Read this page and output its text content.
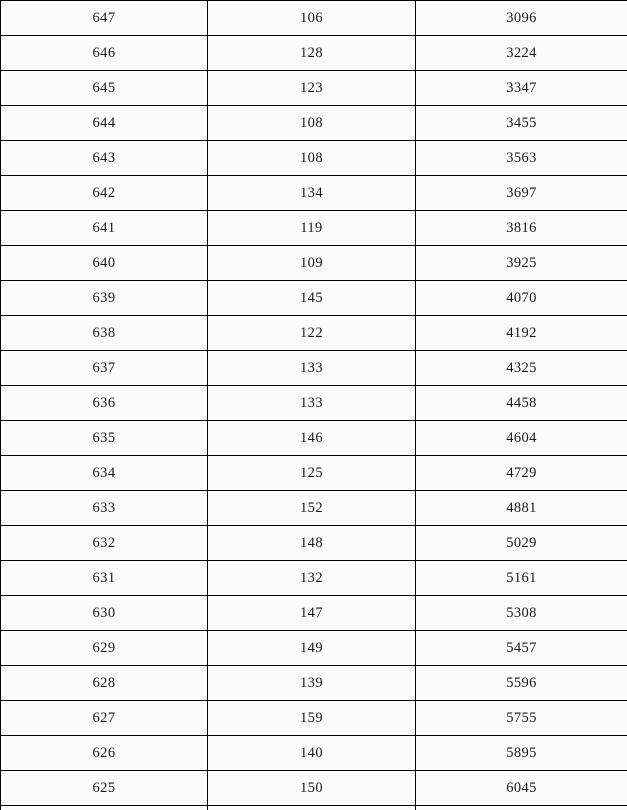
647	106	3096
646	128	3224
645	123	3347
644	108	3455
643	108	3563
642	134	3697
641	119	3816
640	109	3925
639	145	4070
638	122	4192
637	133	4325
636	133	4458
635	146	4604
634	125	4729
633	152	4881
632	148	5029
631	132	5161
630	147	5308
629	149	5457
628	139	5596
627	159	5755
626	140	5895
625	150	6045
